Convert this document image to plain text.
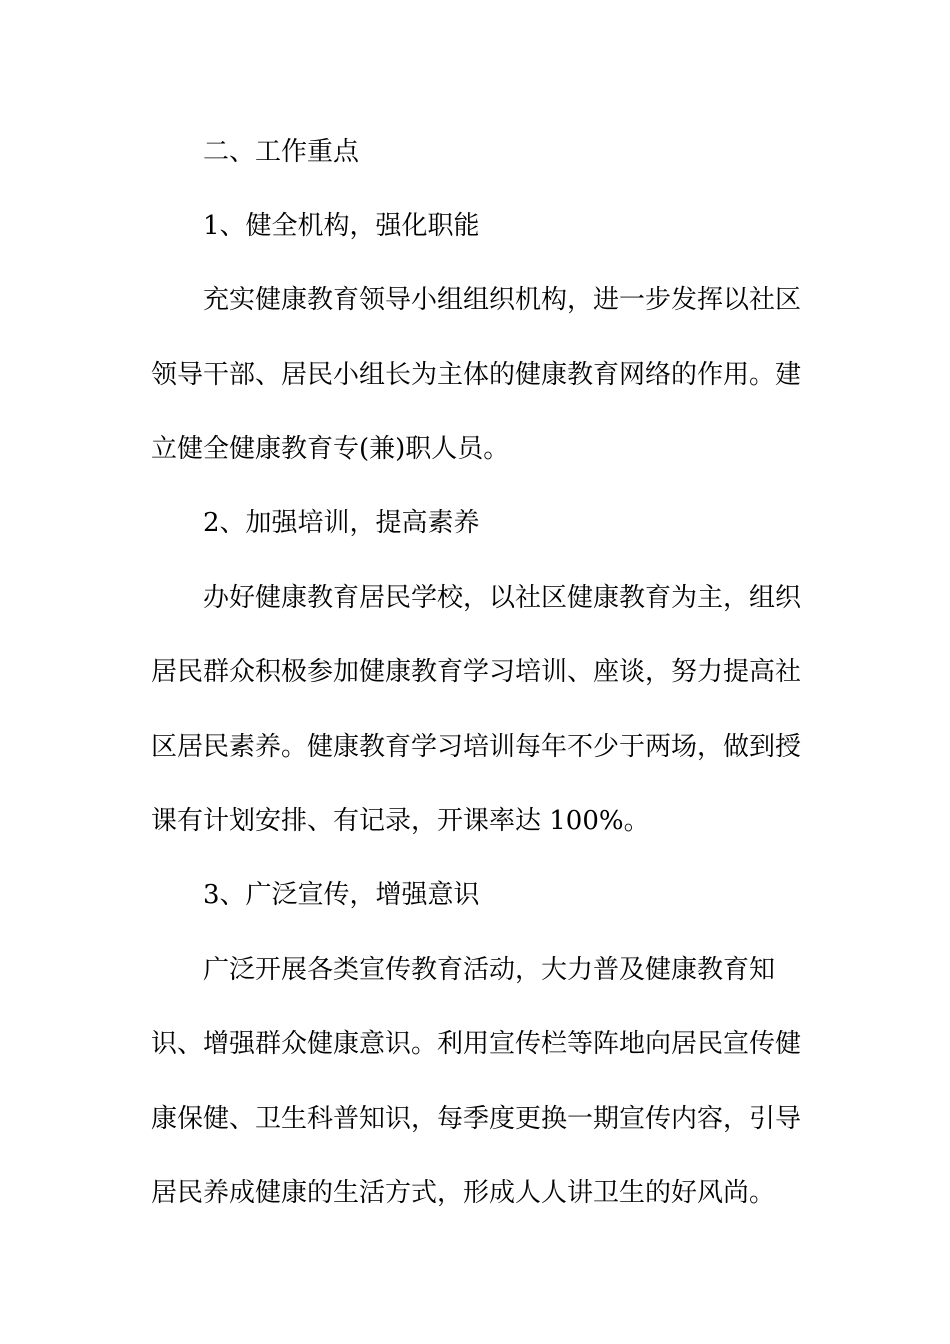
二、工作重点

1、健全机构，强化职能

充实健康教育领导小组组织机构，进一步发挥以社区

领导干部、居民小组长为主体的健康教育网络的作用。建

立健全健康教育专(兼)职人员。

2、加强培训，提高素养

办好健康教育居民学校，以社区健康教育为主，组织

居民群众积极参加健康教育学习培训、座谈，努力提高社

区居民素养。健康教育学习培训每年不少于两场，做到授

课有计划安排、有记录，开课率达 100%。

3、广泛宣传，增强意识

广泛开展各类宣传教育活动，大力普及健康教育知

识、增强群众健康意识。利用宣传栏等阵地向居民宣传健

康保健、卫生科普知识，每季度更换一期宣传内容，引导

居民养成健康的生活方式，形成人人讲卫生的好风尚。
